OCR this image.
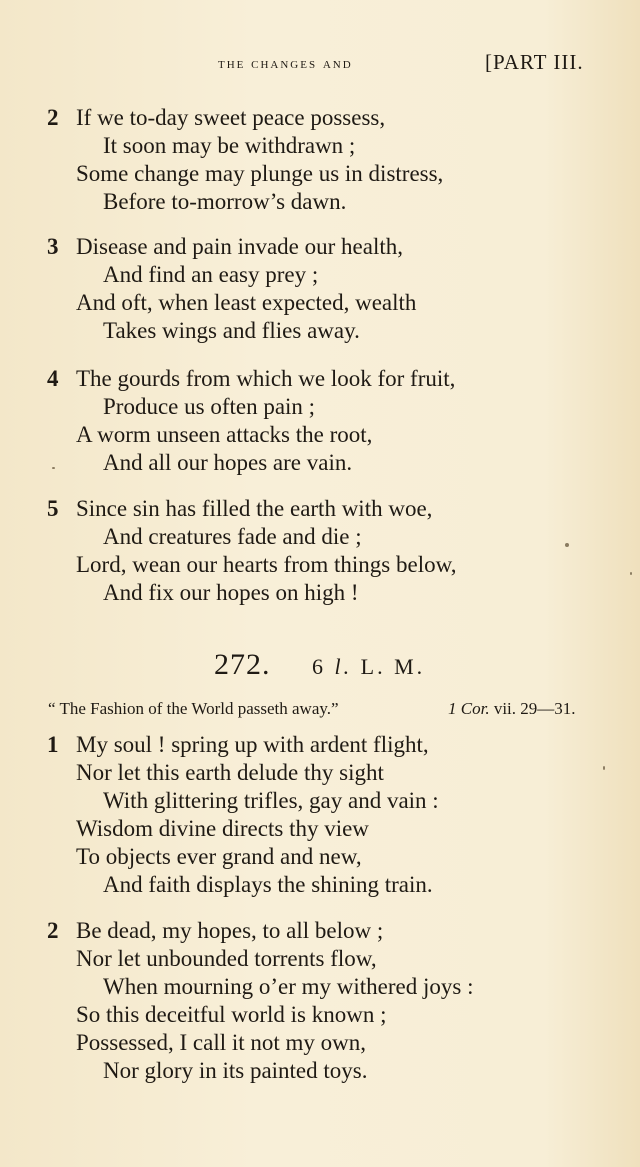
the changes and	[PART III.
2 If we to-day sweet peace possess,
It soon may be withdrawn ;
Some change may plunge us in distress,
Before to-morrow’s dawn.
3 Disease and pain invade our health,
And find an easy prey ;
And oft, when least expected, wealth
Takes wings and flies away.
4 The gourds from which we look for fruit,
Produce us often pain ;
A worm unseen attacks the root,
And all our hopes are vain.
5 Since sin has filled the earth with woe,
And creatures fade and die ;
Lord, wean our hearts from things below,
And fix our hopes on high !
272. 6 l. L. M.
“ The Fashion of the World passeth away.”	1 Cor. vii. 29—31.
1 My soul ! spring up with ardent flight,
Nor let this earth delude thy sight
With glittering trifles, gay and vain :
Wisdom divine directs thy view
To objects ever grand and new,
And faith displays the shining train.
2 Be dead, my hopes, to all below ;
Nor let unbounded torrents flow,
When mourning o’er my withered joys :
So this deceitful world is known ;
Possessed, I call it not my own,
Nor glory in its painted toys.
